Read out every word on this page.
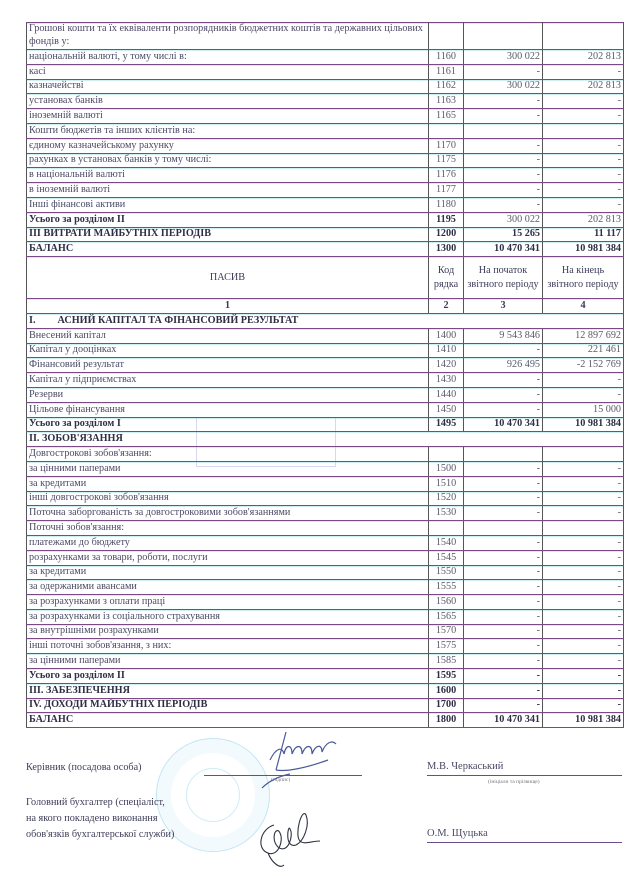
Грошові кошти та їх еквіваленти розпорядників бюджетних коштів та державних цільових фондів у:			
національній валюті, у тому числі в:	1160	300 022	202 813
касі	1161	-	-
казначействі	1162	300 022	202 813
установах банків	1163	-	-
іноземній валюті	1165	-	-
Кошти бюджетів та інших клієнтів на:			
єдиному казначейському рахунку	1170	-	-
рахунках в установах банків у тому числі:	1175	-	-
в національній валюті	1176	-	-
в іноземній валюті	1177	-	-
Інші фінансові активи	1180	-	-
Усього за розділом II	1195	300 022	202 813
III ВИТРАТИ МАЙБУТНІХ ПЕРІОДІВ	1200	15 265	11 117
БАЛАНС	1300	10 470 341	10 981 384
ПАСИВ	Код рядка	На початок звітного періоду	На кінець звітного періоду
1	2	3	4
I. АСНИЙ КАПІТАЛ ТА ФІНАНСОВИЙ РЕЗУЛЬТАТ			
Внесений капітал	1400	9 543 846	12 897 692
Капітал у дооцінках	1410	-	221 461
Фінансовий результат	1420	926 495	-2 152 769
Капітал у підприємствах	1430	-	-
Резерви	1440	-	-
Цільове фінансування	1450	-	15 000
Усього за розділом I	1495	10 470 341	10 981 384
II. ЗОБОВ'ЯЗАННЯ			
Довгострокові зобов'язання:			
за цінними паперами	1500	-	-
за кредитами	1510	-	-
інші довгострокові зобов'язання	1520	-	-
Поточна заборгованість за довгостроковими зобов'язаннями	1530	-	-
Поточні зобов'язання:			
платежами до бюджету	1540	-	-
розрахунками за товари, роботи, послуги	1545	-	-
за кредитами	1550	-	-
за одержаними авансами	1555	-	-
за розрахунками з оплати праці	1560	-	-
за розрахунками із соціального страхування	1565	-	-
за внутрішніми розрахунками	1570	-	-
інші поточні зобов'язання, з них:	1575	-	-
за цінними паперами	1585	-	-
Усього за розділом II	1595	-	-
III. ЗАБЕЗПЕЧЕННЯ	1600	-	-
IV. ДОХОДИ МАЙБУТНІХ ПЕРІОДІВ	1700	-	-
БАЛАНС	1800	10 470 341	10 981 384
Керівник (посадова особа)
(підпис)
М.В. Черкаський
(ініціали та прізвище)
Головний бухгалтер (спеціаліст,
на якого покладено виконання
обов'язків бухгалтерської служби)	О.М. Щуцька
